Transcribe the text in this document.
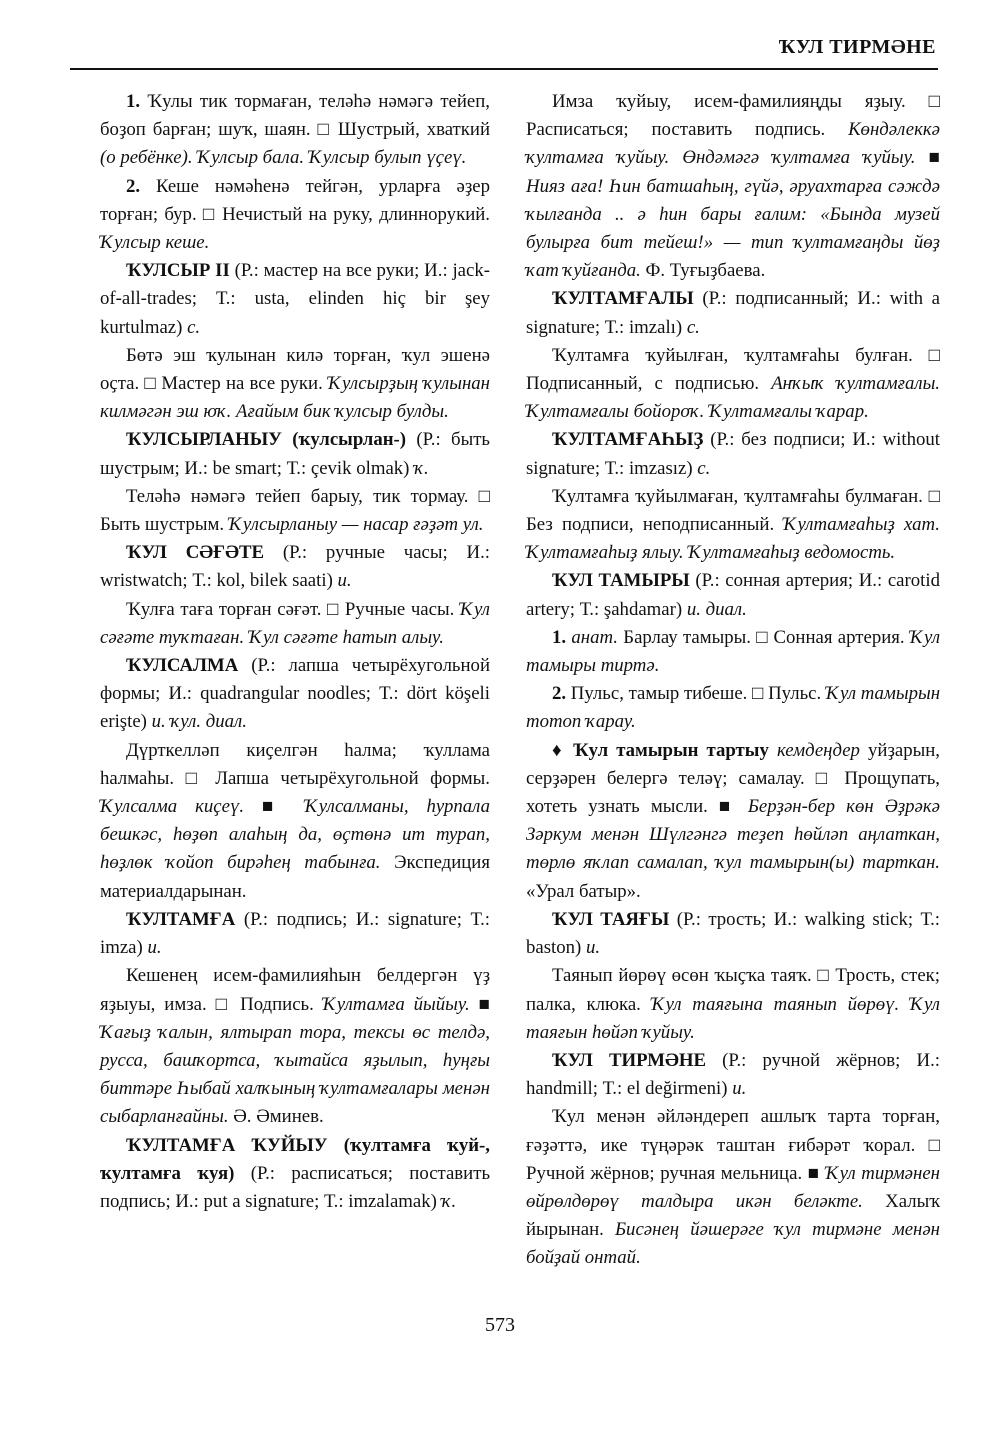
ҠУЛ ТИРМӘНЕ

1. Ҡулы тик тормаған, теләһә нәмәгә тейеп, боҙоп барған; шуҡ, шаян. □ Шустрый, хваткий (о ребёнке). Ҡулсыр бала. Ҡулсыр булып үҫеү.

2. Кеше нәмәһенә тейгән, урларға әҙер торған; бур. □ Нечистый на руку, длиннорукий. Ҡулсыр кеше.

ҠУЛСЫР II (Р.: мастер на все руки; И.: jack-of-all-trades; Т.: usta, elinden hiç bir şey kurtulmaz) с.

Бөтә эш ҡулынан килә торған, ҡул эшенә оҫта. □ Мастер на все руки. Ҡулсырҙың ҡулынан килмәгән эш юҡ. Ағайым бик ҡулсыр булды.

ҠУЛСЫРЛАНЫУ (ҡулсырлан-) (Р.: быть шустрым; И.: be smart; Т.: çevik olmak) ҡ.

Теләһә нәмәгә тейеп барыу, тик тормау. □ Быть шустрым. Ҡулсырланыу — насар ғәҙәт ул.

ҠУЛ СӘҒӘТЕ (Р.: ручные часы; И.: wristwatch; Т.: kol, bilek saati) и.

Ҡулға таға торған сәғәт. □ Ручные часы. Ҡул сәғәте туҡтаған. Ҡул сәғәте һатып алыу.

ҠУЛСАЛМА (Р.: лапша четырёхугольной формы; И.: quadrangular noodles; Т.: dört köşeli erişte) и. ҡул. диал.

Дүрткелләп киҫелгән һалма; ҡуллама һалмаһы. □ Лапша четырёхугольной формы. Ҡулсалма киҫеү. ■ Ҡулсалманы, һурпала бешкәс, һөҙөп алаһың да, өҫтөнә ит турап, һөҙлөк ҡойоп бирәһең табынға. Экспедиция материалдарынан.

ҠУЛТАМҒА (Р.: подпись; И.: signature; Т.: imza) и.

Кешенең исем-фамилияһын белдергән үҙ яҙыуы, имза. □ Подпись. Ҡултамға йыйыу. ■ Ҡағыҙ ҡалын, ялтырап тора, тексы өс телдә, русса, башҡортса, ҡытайса яҙылып, һуңғы биттәре Һыбай халҡының ҡултамғалары менән сыбарланғайны. Ә. Әминев.

ҠУЛТАМҒА ҠУЙЫУ (ҡултамға ҡуй-, ҡултамға ҡуя) (Р.: расписаться; поставить подпись; И.: put a signature; Т.: imzalamak) ҡ.

Имза ҡуйыу, исем-фамилияңды яҙыу. □ Расписаться; поставить подпись. Көндәлеккә ҡултамға ҡуйыу. Өндәмәгә ҡултамға ҡуйыу. ■ Нияз аға! Һин батшаһың, гүйә, әруахтарға сәждә ҡылғанда .. ә һин бары ғалим: «Бында музей булырға бит тейеш!» — тип ҡултамғаңды йөҙ ҡат ҡуйғанда. Ф. Туғыҙбаева.

ҠУЛТАМҒАЛЫ (Р.: подписанный; И.: with a signature; Т.: imzalı) с.

Ҡултамға ҡуйылған, ҡултамғаһы булған. □ Подписанный, с подписью. Анҡыҡ ҡултамғалы. Ҡултамғалы бойороҡ. Ҡултамғалы ҡарар.

ҠУЛТАМҒАҺЫҘ (Р.: без подписи; И.: without signature; Т.: imzasız) с.

Ҡултамға ҡуйылмаған, ҡултамғаһы булмаған. □ Без подписи, неподписанный. Ҡултамғаһыҙ хат. Ҡултамғаһыҙ ялыу. Ҡултамғаһыҙ ведомость.

ҠУЛ ТАМЫРЫ (Р.: сонная артерия; И.: carotid artery; Т.: şahdamar) и. диал.

1. анат. Барлау тамыры. □ Сонная артерия. Ҡул тамыры тиртә.

2. Пульс, тамыр тибеше. □ Пульс. Ҡул тамырын тотоп ҡарау.

♦ Ҡул тамырын тартыу кемдеңдер уйҙарын, серҙәрен белергә теләү; самалау. □ Прощупать, хотеть узнать мысли. ■ Берҙән-бер көн Әҙрәкә Зәркум менән Шүлгәнгә теҙеп һөйләп аңлаткан, төрлө яҡлап самалап, ҡул тамырын(ы) тарткан. «Урал батыр».

ҠУЛ ТАЯҒЫ (Р.: трость; И.: walking stick; Т.: baston) и.

Таянып йөрөү өсөн ҡыҫҡа таяҡ. □ Трость, стек; палка, клюка. Ҡул таяғына таянып йөрөү. Ҡул таяғын һөйәп ҡуйыу.

ҠУЛ ТИРМӘНЕ (Р.: ручной жёрнов; И.: handmill; Т.: el değirmeni) и.

Ҡул менән әйләндереп ашлыҡ тарта торған, ғәҙәттә, ике түңәрәк таштан ғибәрәт ҡорал. □ Ручной жёрнов; ручная мельница. ■ Ҡул тирмәнен өйрөлдөрөү талдыра икән беләкте. Халыҡ йырынан. Бисәнең йәшерәге ҡул тирмәне менән бойҙай онтай.

573
